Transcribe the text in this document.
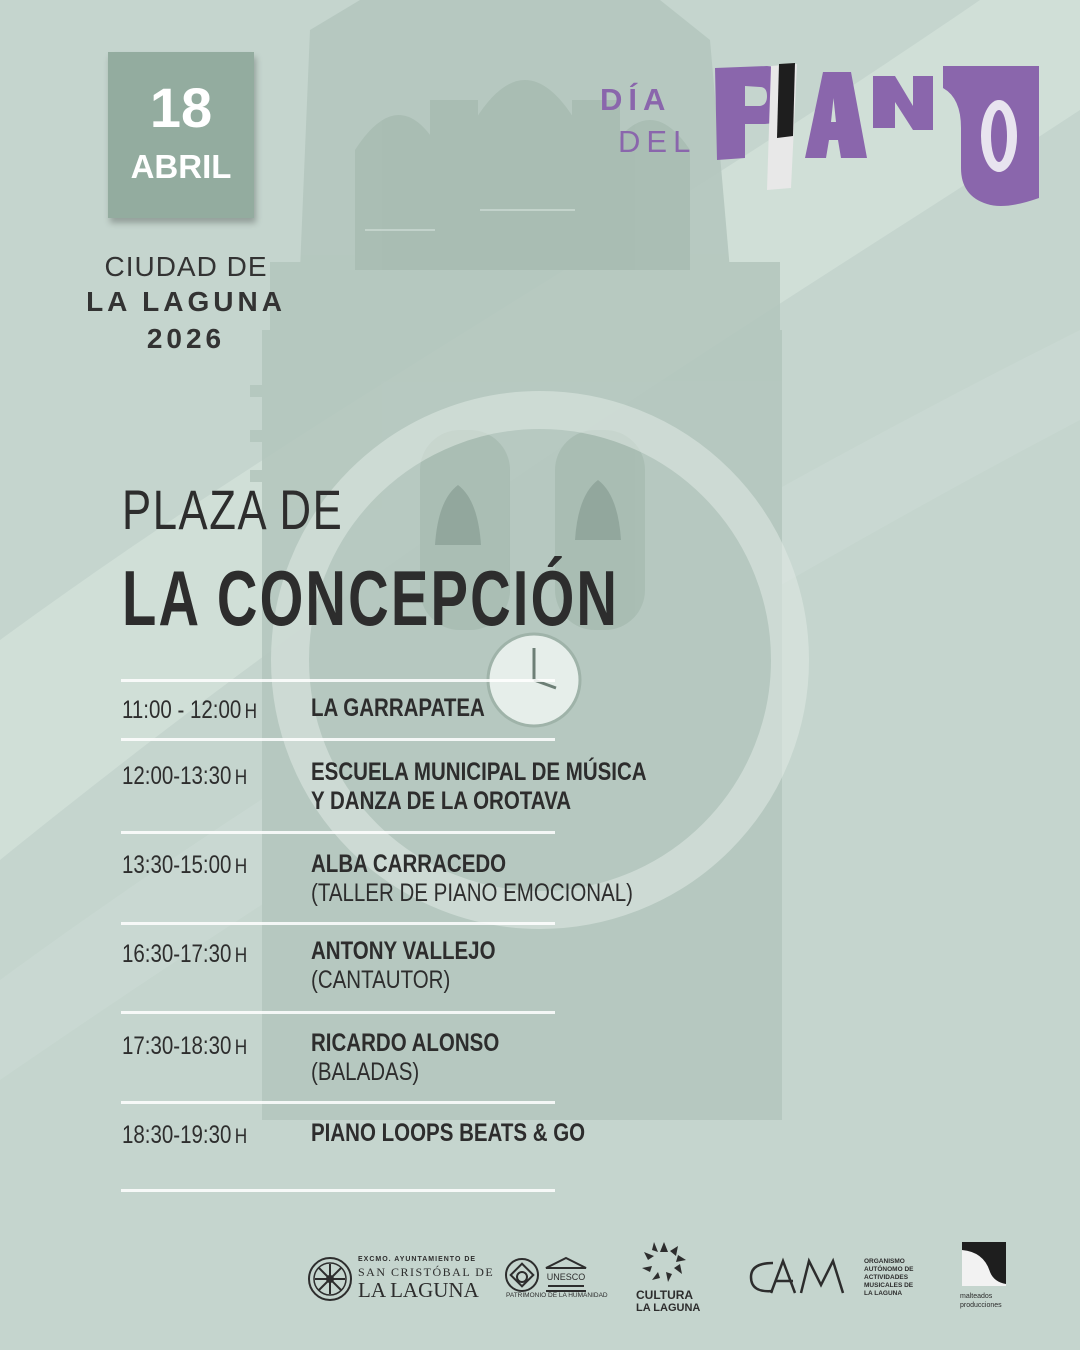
18
ABRIL
CIUDAD DE
LA LAGUNA
2026
DÍA
DEL
PLAZA DE
LA CONCEPCIÓN
11:00 - 12:00 H LA GARRAPATEA
12:00-13:30 H	ESCUELA MUNICIPAL DE MÚSICA
Y DANZA DE LA OROTAVA
13:30-15:00 H	ALBA CARRACEDO
(TALLER DE PIANO EMOCIONAL)
16:30-17:30 H	ANTONY VALLEJO
(CANTAUTOR)
17:30-18:30 H	RICARDO ALONSO
(BALADAS)
18:30-19:30 H	PIANO LOOPS BEATS & GO
EXCMO. AYUNTAMIENTO DE
SAN CRISTÓBAL DE
LA LAGUNA
UNESCO
PATRIMONIO DE LA HUMANIDAD CULTURA
LA LAGUNA
ORGANISMO
AUTÓNOMO DE
ACTIVIDADES
MUSICALES DE
LA LAGUNA	malteados
producciones
